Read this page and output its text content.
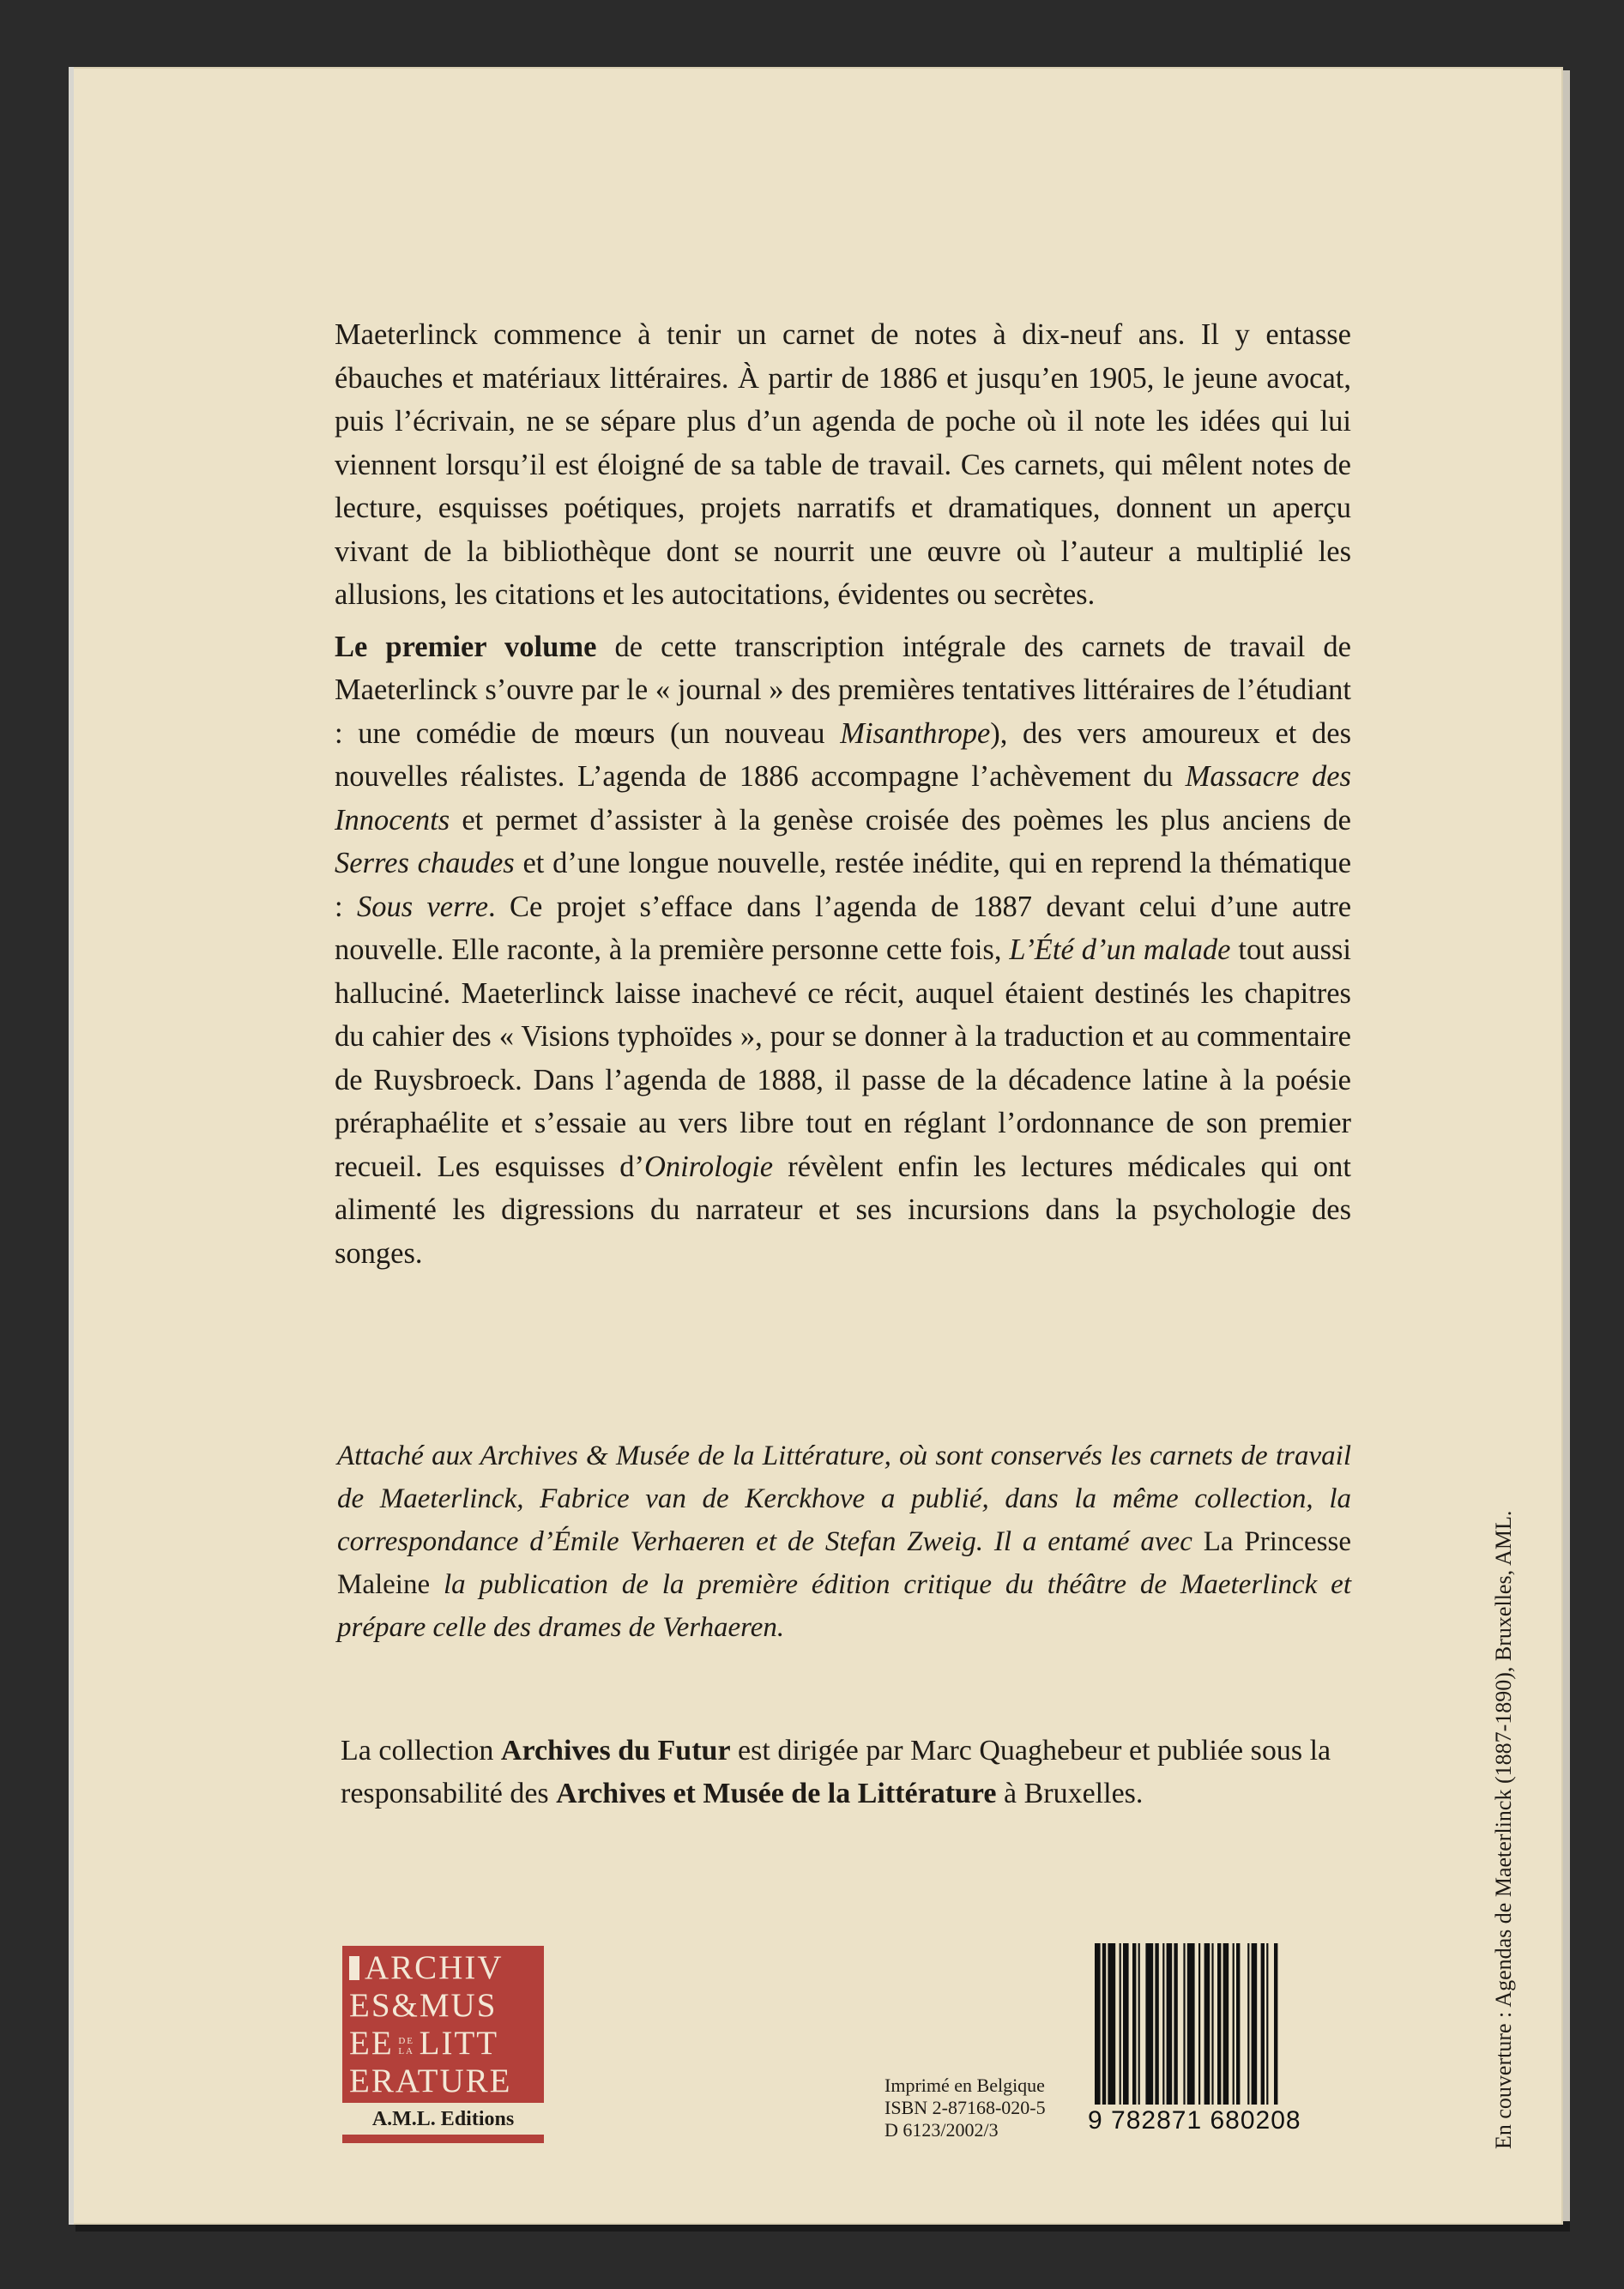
Maeterlinck commence à tenir un carnet de notes à dix-neuf ans. Il y entasse ébauches et matériaux littéraires. À partir de 1886 et jusqu’en 1905, le jeune avocat, puis l’écrivain, ne se sépare plus d’un agenda de poche où il note les idées qui lui viennent lorsqu’il est éloigné de sa table de travail. Ces carnets, qui mêlent notes de lecture, esquisses poétiques, projets narratifs et dramatiques, donnent un aperçu vivant de la bibliothèque dont se nourrit une œuvre où l’auteur a multiplié les allusions, les citations et les autocitations, évidentes ou secrètes.

Le premier volume de cette transcription intégrale des carnets de travail de Maeterlinck s’ouvre par le « journal » des premières tentatives littéraires de l’étudiant : une comédie de mœurs (un nouveau Misanthrope), des vers amoureux et des nouvelles réalistes. L’agenda de 1886 accompagne l’achèvement du Massacre des Innocents et permet d’assister à la genèse croisée des poèmes les plus anciens de Serres chaudes et d’une longue nouvelle, restée inédite, qui en reprend la thématique : Sous verre. Ce projet s’efface dans l’agenda de 1887 devant celui d’une autre nouvelle. Elle raconte, à la première personne cette fois, L’Été d’un malade tout aussi halluciné. Maeterlinck laisse inachevé ce récit, auquel étaient destinés les chapitres du cahier des « Visions typhoïdes », pour se donner à la traduction et au commentaire de Ruysbroeck. Dans l’agenda de 1888, il passe de la décadence latine à la poésie préraphaélite et s’essaie au vers libre tout en réglant l’ordonnance de son premier recueil. Les esquisses d’Onirologie révèlent enfin les lectures médicales qui ont alimenté les digressions du narrateur et ses incursions dans la psychologie des songes.

Attaché aux Archives & Musée de la Littérature, où sont conservés les carnets de travail de Maeterlinck, Fabrice van de Kerckhove a publié, dans la même collection, la correspondance d’Émile Verhaeren et de Stefan Zweig. Il a entamé avec La Princesse Maleine la publication de la première édition critique du théâtre de Maeterlinck et prépare celle des drames de Verhaeren.
La collection Archives du Futur est dirigée par Marc Quaghebeur et publiée sous la responsabilité des Archives et Musée de la Littérature à Bruxelles.
ARCHIV
ES&MUS
EE DE
LA LITT
ERATURE
A.M.L. Editions
Imprimé en Belgique
ISBN 2-87168-020-5
D 6123/2002/3	9 782871 680208	En couverture : Agendas de Maeterlinck (1887-1890), Bruxelles, AML.
